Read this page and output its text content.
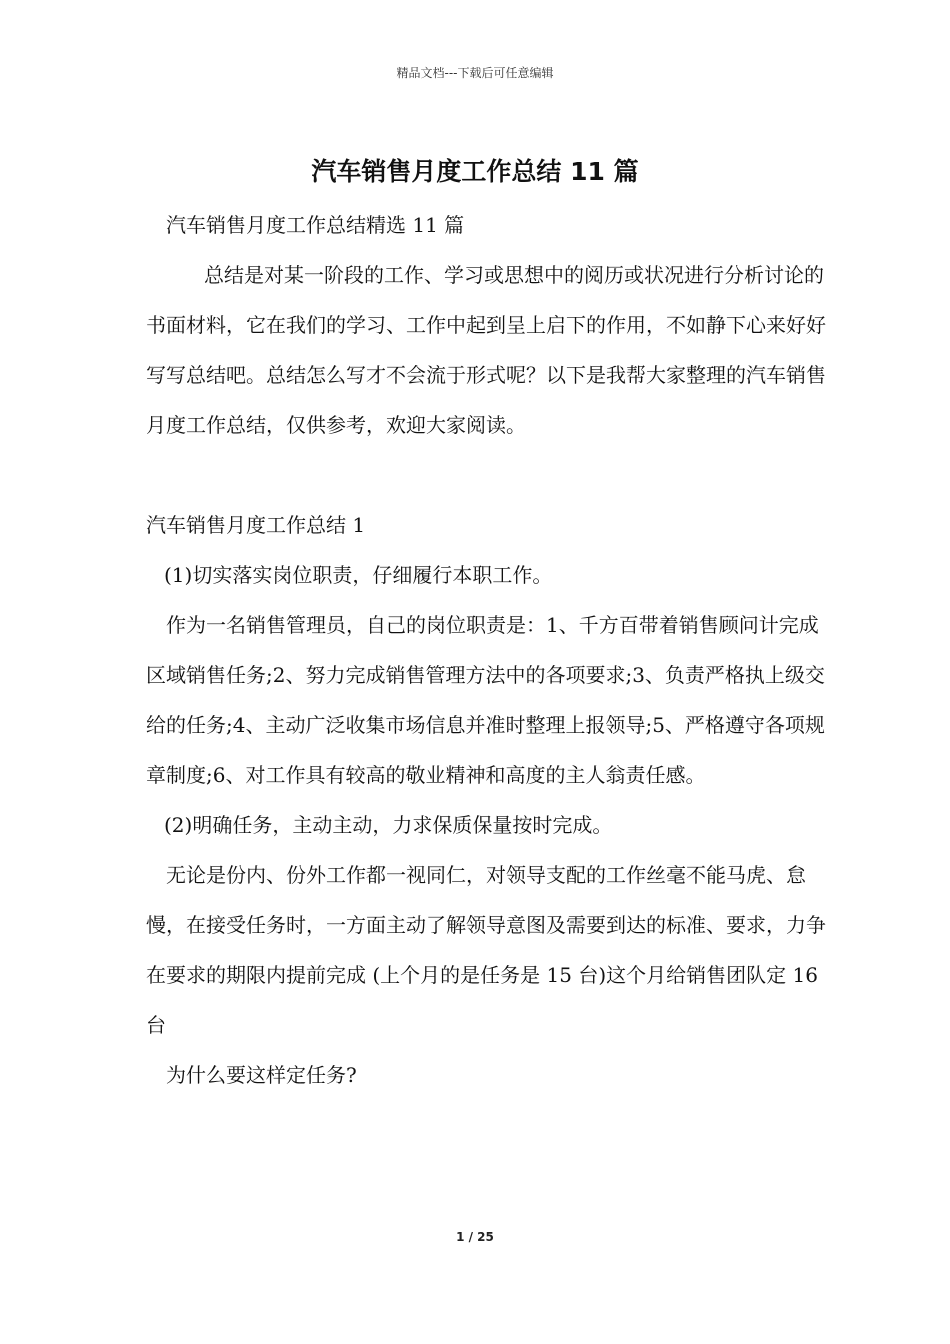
精品文档---下载后可任意编辑
汽车销售月度工作总结 11 篇

汽车销售月度工作总结精选 11 篇

总结是对某一阶段的工作、学习或思想中的阅历或状况进行分析讨论的书面材料，它在我们的学习、工作中起到呈上启下的作用，不如静下心来好好写写总结吧。总结怎么写才不会流于形式呢？以下是我帮大家整理的汽车销售月度工作总结，仅供参考，欢迎大家阅读。

汽车销售月度工作总结 1

(1)切实落实岗位职责，仔细履行本职工作。

作为一名销售管理员，自己的岗位职责是：1、千方百带着销售顾问计完成区域销售任务;2、努力完成销售管理方法中的各项要求;3、负责严格执上级交给的任务;4、主动广泛收集市场信息并准时整理上报领导;5、严格遵守各项规章制度;6、对工作具有较高的敬业精神和高度的主人翁责任感。

(2)明确任务，主动主动，力求保质保量按时完成。

无论是份内、份外工作都一视同仁，对领导支配的工作丝毫不能马虎、怠慢，在接受任务时，一方面主动了解领导意图及需要到达的标准、要求，力争在要求的期限内提前完成 (上个月的是任务是 15 台)这个月给销售团队定 16 台

为什么要这样定任务?

1 / 25
